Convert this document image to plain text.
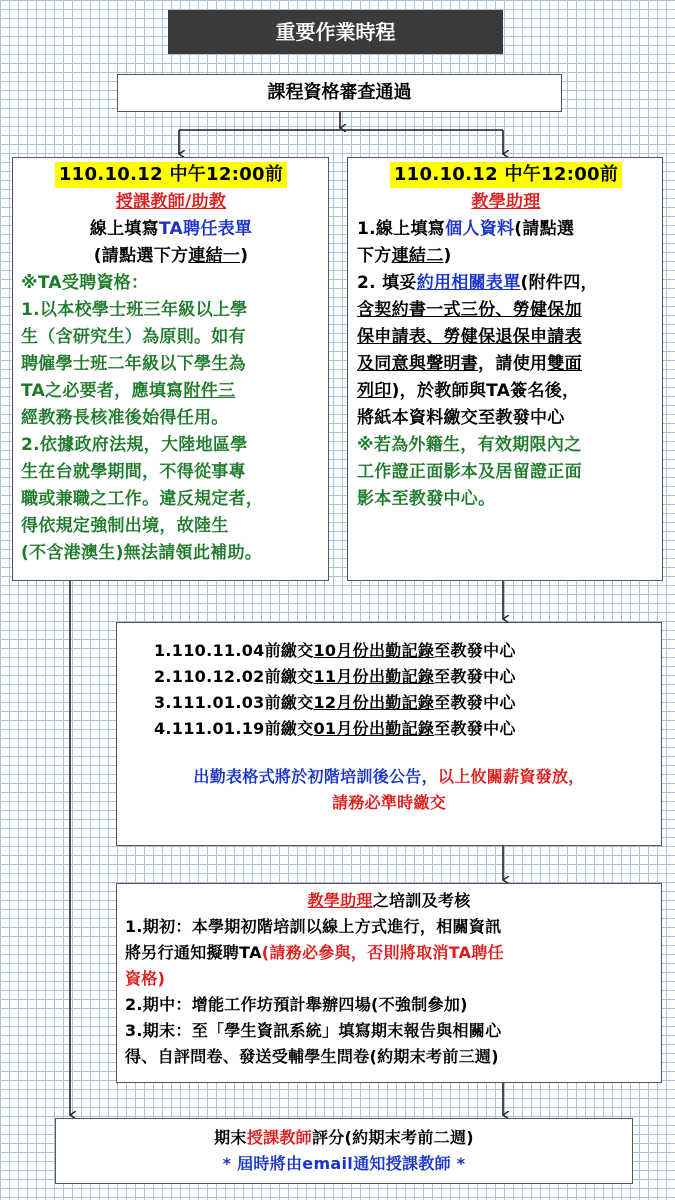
重要作業時程
課程資格審查通過
110.10.12 中午12:00前
授課教師/助教
線上填寫TA聘任表單
(請點選下方連結一)
※TA受聘資格：
1.以本校學士班三年級以上學
生（含研究生）為原則。如有
聘僱學士班二年級以下學生為
TA之必要者，應填寫附件三
經教務長核准後始得任用。
2.依據政府法規，大陸地區學
生在台就學期間，不得從事專
職或兼職之工作。違反規定者，
得依規定強制出境，故陸生
(不含港澳生)無法請領此補助。
110.10.12 中午12:00前
教學助理
1.線上填寫個人資料(請點選
下方連結二)
2. 填妥約用相關表單(附件四，
含契約書一式三份、勞健保加
保申請表、勞健保退保申請表
及同意與聲明書，請使用雙面
列印)，於教師與TA簽名後，
將紙本資料繳交至教發中心
※若為外籍生，有效期限內之
工作證正面影本及居留證正面
影本至教發中心。
1.110.11.04前繳交10月份出勤記錄至教發中心
2.110.12.02前繳交11月份出勤記錄至教發中心
3.111.01.03前繳交12月份出勤記錄至教發中心
4.111.01.19前繳交01月份出勤記錄至教發中心
出勤表格式將於初階培訓後公告，以上攸關薪資發放，
請務必準時繳交
教學助理之培訓及考核
1.期初：本學期初階培訓以線上方式進行，相關資訊
將另行通知擬聘TA(請務必參與，否則將取消TA聘任
資格)
2.期中：增能工作坊預計舉辦四場(不強制參加)
3.期末：至「學生資訊系統」填寫期末報告與相關心
得、自評問卷、發送受輔學生問卷(約期末考前三週)
期末授課教師評分(約期末考前二週)
* 屆時將由email通知授課教師 *
